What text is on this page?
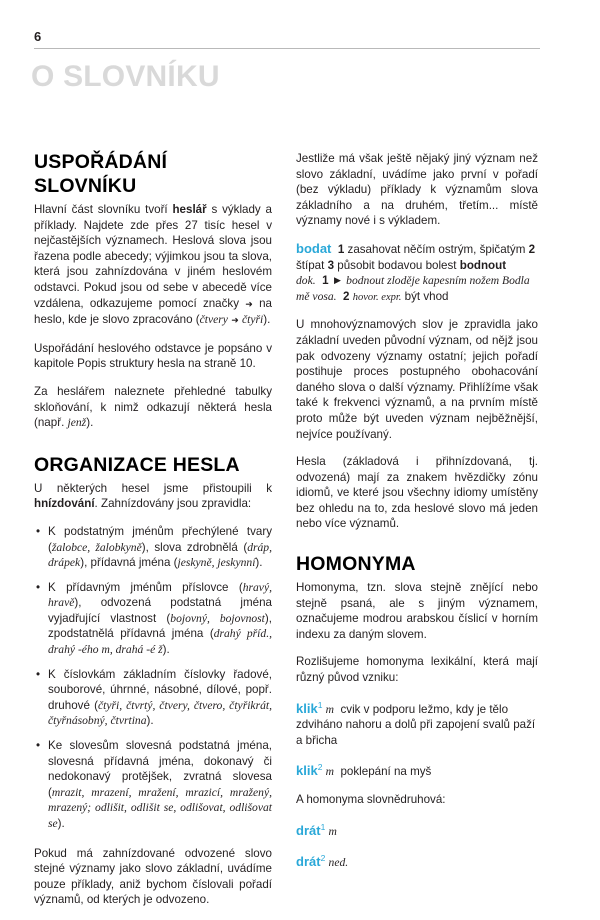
6
O SLOVNÍKU
USPOŘÁDÁNÍ SLOVNÍKU

Hlavní část slovníku tvoří heslář s výklady a příklady. Najdete zde přes 27 tisíc hesel v nejčastějších významech. Heslová slova jsou řazena podle abecedy; výjimkou jsou ta slova, která jsou zahnízdována v jiném heslovém odstavci. Pokud jsou od sebe v abecedě více vzdálena, odkazujeme pomocí značky ➜ na heslo, kde je slovo zpracováno (čtvery ➜ čtyři).

Uspořádání heslového odstavce je popsáno v kapitole Popis struktury hesla na straně 10.

Za heslářem naleznete přehledné tabulky skloňování, k nimž odkazují některá hesla (např. jenž).

ORGANIZACE HESLA

U některých hesel jsme přistoupili k hnízdování. Zahnízdovány jsou zpravidla:

• K podstatným jménům přechýlené tvary (žalobce, žalobkyně), slova zdrobnělá (dráp, drápek), přídavná jména (jeskyně, jeskynní).
• K přídavným jménům příslovce (hravý, hravě), odvozená podstatná jména vyjadřující vlastnost (bojovný, bojovnost), zpodstatnělá přídavná jména (drahý příd., drahý -ého m, drahá -é ž).
• K číslovkám základním číslovky řadové, souborové, úhrnné, násobné, dílové, popř. druhové (čtyři, čtvrtý, čtvery, čtvero, čtyřikrát, čtyřnásobný, čtvrtina).
• Ke slovesům slovesná podstatná jména, slovesná přídavná jména, dokonavý či nedokonavý protějšek, zvratná slovesa (mrazit, mrazení, mražení, mrazicí, mražený, mrazený; odlišit, odlišit se, odlišovat, odlišovat se).

Pokud má zahnízdované odvozené slovo stejné významy jako slovo základní, uvádíme pouze příklady, aniž bychom číslovali pořadí významů, od kterých je odvozeno.

Jestliže má však ještě nějaký jiný význam než slovo základní, uvádíme jako první v pořadí (bez výkladu) příklady k významům slova základního a na druhém, třetím... místě významy nové i s výkladem.

bodat 1 zasahovat něčím ostrým, špičatým 2 štípat 3 působit bodavou bolest bodnout
dok. 1 ► bodnout zloděje kapesním nožem Bodla mě vosa. 2 hovor. expr. být vhod

U mnohovýznamových slov je zpravidla jako základní uveden původní význam, od nějž jsou pak odvozeny významy ostatní; jejich pořadí postihuje proces postupného obohacování daného slova o další významy. Přihlížíme však také k frekvenci významů, a na prvním místě proto může být uveden význam nejběžnější, nejvíce používaný.

Hesla (základová i přihnízdovaná, tj. odvozená) mají za znakem hvězdičky zónu idiomů, ve které jsou všechny idiomy umístěny bez ohledu na to, zda heslové slovo má jeden nebo více významů.

HOMONYMA

Homonyma, tzn. slova stejně znějící nebo stejně psaná, ale s jiným významem, označujeme modrou arabskou číslicí v horním indexu za daným slovem.

Rozlišujeme homonyma lexikální, která mají různý původ vzniku:

klik$^1$ m cvik v podporu ležmo, kdy je tělo zdviháno nahoru a dolů při zapojení svalů paží a břicha

klik$^2$ m poklepání na myš

A homonyma slovnědruhová:

drát$^1$ m

drát$^2$ ned.
